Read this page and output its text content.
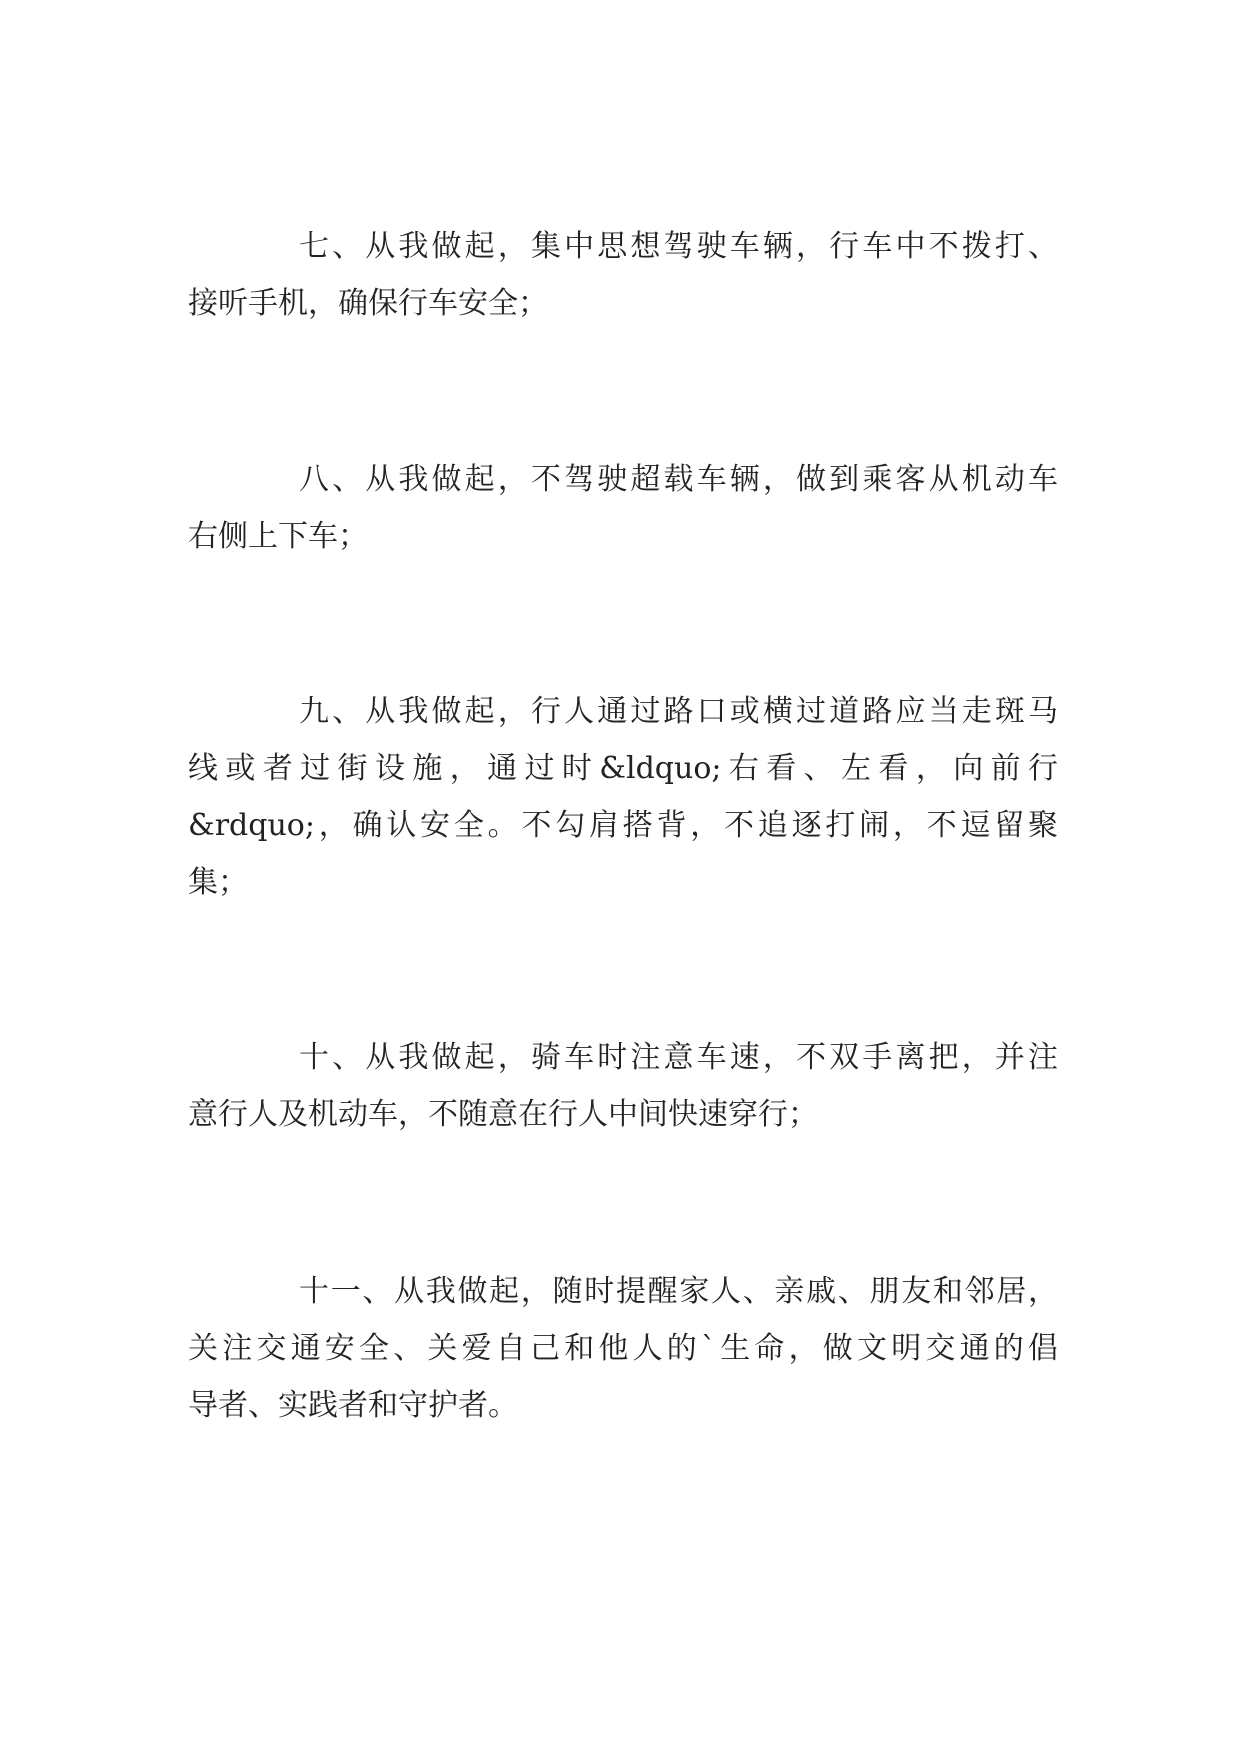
七、从我做起，集中思想驾驶车辆，行车中不拨打、
接听手机，确保行车安全；
八、从我做起，不驾驶超载车辆，做到乘客从机动车
右侧上下车；
九、从我做起，行人通过路口或横过道路应当走斑马
线或者过街设施，通过时&ldquo;右看、左看，向前行
&rdquo;，确认安全。不勾肩搭背，不追逐打闹，不逗留聚
集；
十、从我做起，骑车时注意车速，不双手离把，并注
意行人及机动车，不随意在行人中间快速穿行；
十一、从我做起，随时提醒家人、亲戚、朋友和邻居，
关注交通安全、关爱自己和他人的`生命，做文明交通的倡
导者、实践者和守护者。
